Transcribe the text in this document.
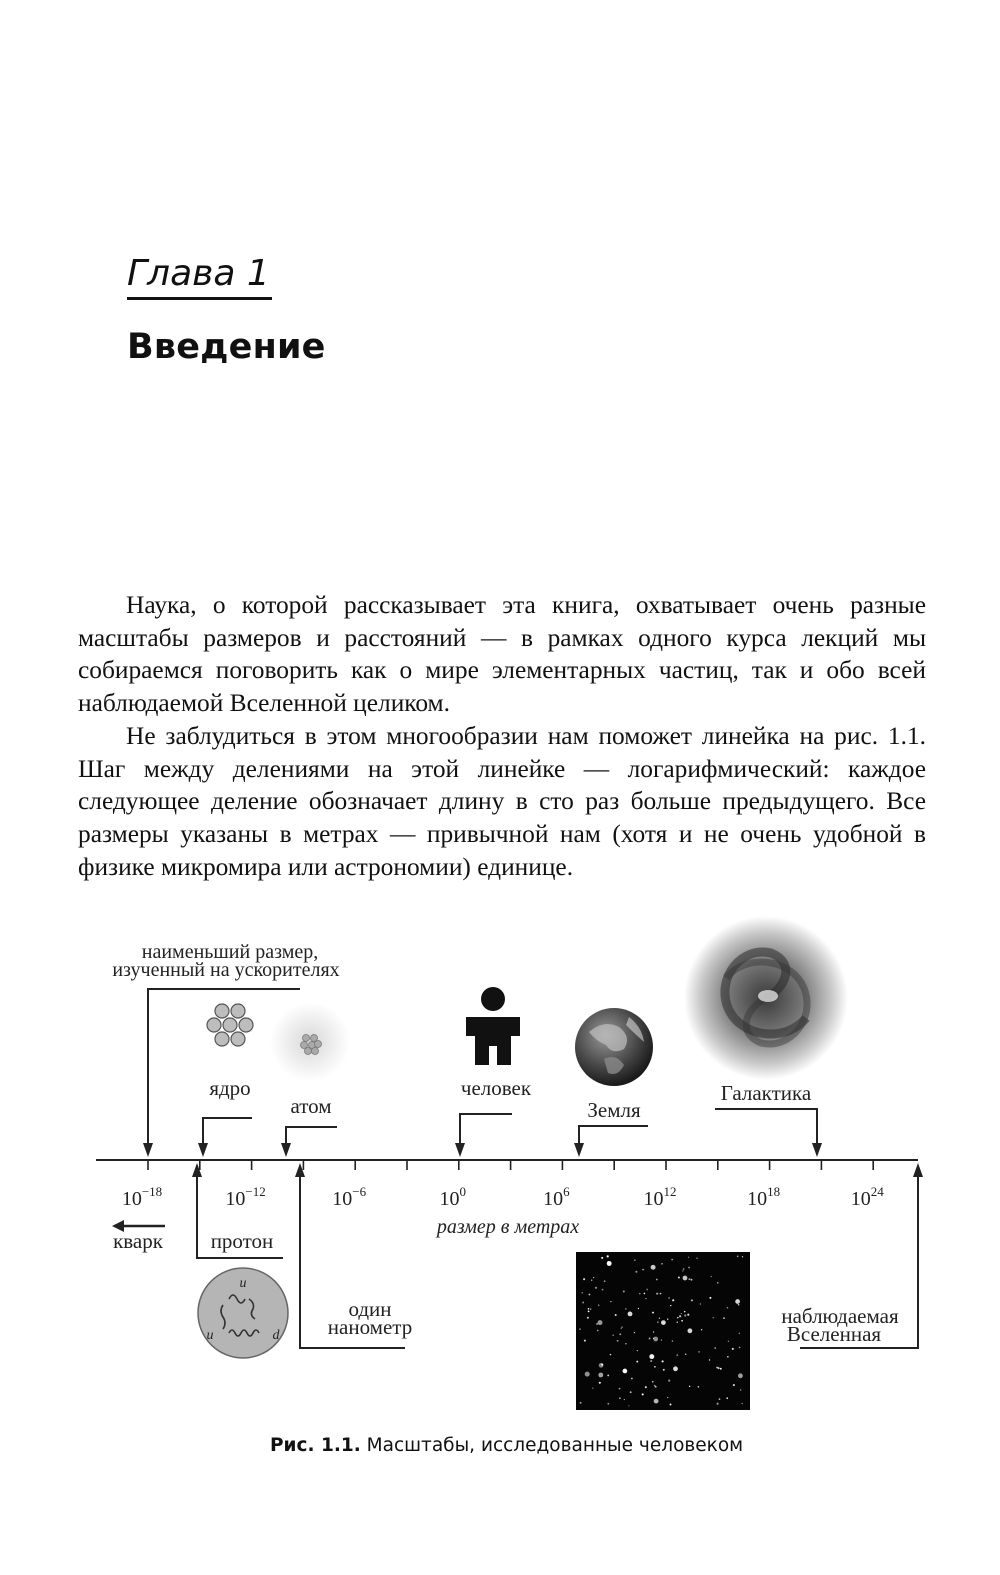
Глава 1
Введение

Наука, о которой рассказывает эта книга, охватывает очень разные масштабы размеров и расстояний — в рамках одного курса лекций мы собираемся поговорить как о мире элементарных частиц, так и обо всей наблюдаемой Вселенной целиком.

Не заблудиться в этом многообразии нам поможет линейка на рис. 1.1. Шаг между делениями на этой линейке — логарифмический: каждое следующее деление обозначает длину в сто раз больше предыдущего. Все размеры указаны в метрах — привычной нам (хотя и не очень удобной в физике микромира или астрономии) единице.

$10^{-18}$	$10^{-12}$	$10^{-6}$	$10^0$	$10^6$	$10^{12}$	$10^{18}$	$10^{24}$
размер в метрах
наименьший размер,
изученный на ускорителях
ядро
атом
человек
Земля
Галактика
кварк протон
u
u	d
один
нанометр	наблюдаемая
Вселенная
Рис. 1.1. Масштабы, исследованные человеком
